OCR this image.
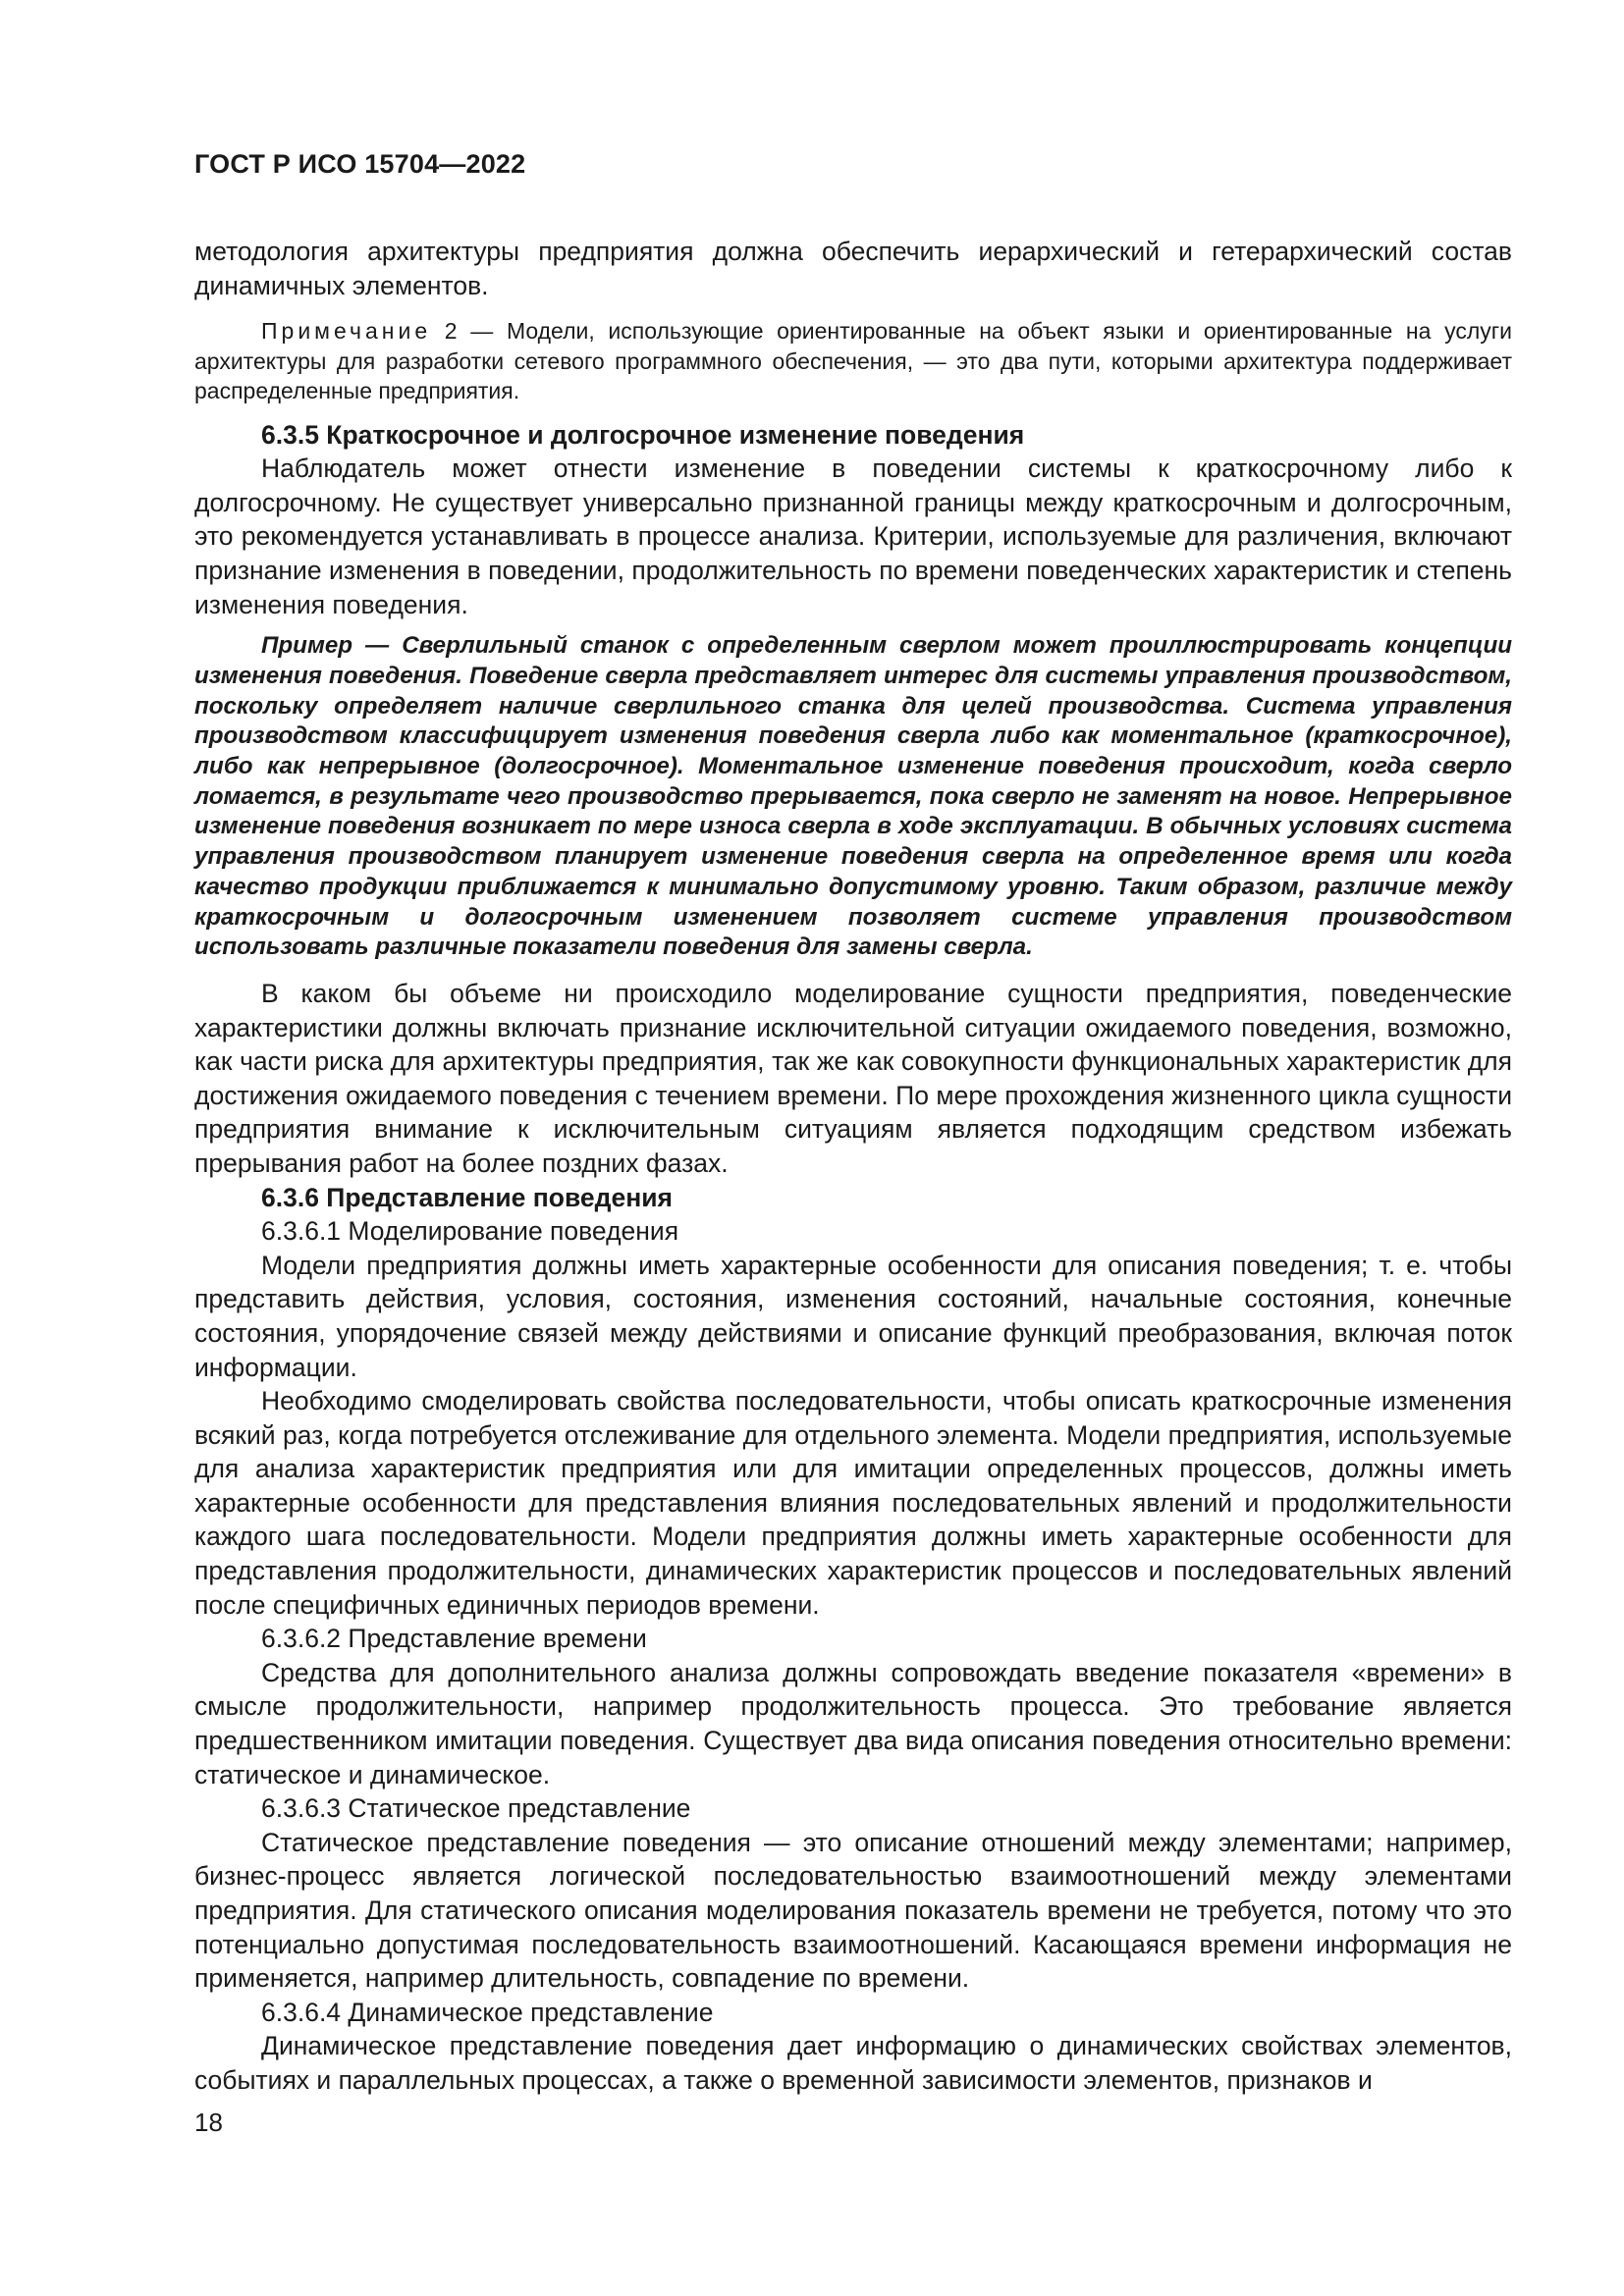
ГОСТ Р ИСО 15704—2022

методология архитектуры предприятия должна обеспечить иерархический и гетерархический состав динамичных элементов.

Примечание 2 — Модели, использующие ориентированные на объект языки и ориентированные на услуги архитектуры для разработки сетевого программного обеспечения, — это два пути, которыми архитектура поддерживает распределенные предприятия.

6.3.5 Краткосрочное и долгосрочное изменение поведения

Наблюдатель может отнести изменение в поведении системы к краткосрочному либо к долгосрочному. Не существует универсально признанной границы между краткосрочным и долгосрочным, это рекомендуется устанавливать в процессе анализа. Критерии, используемые для различения, включают признание изменения в поведении, продолжительность по времени поведенческих характеристик и степень изменения поведения.

Пример — Сверлильный станок с определенным сверлом может проиллюстрировать концепции изменения поведения. Поведение сверла представляет интерес для системы управления производством, поскольку определяет наличие сверлильного станка для целей производства. Система управления производством классифицирует изменения поведения сверла либо как моментальное (краткосрочное), либо как непрерывное (долгосрочное). Моментальное изменение поведения происходит, когда сверло ломается, в результате чего производство прерывается, пока сверло не заменят на новое. Непрерывное изменение поведения возникает по мере износа сверла в ходе эксплуатации. В обычных условиях система управления производством планирует изменение поведения сверла на определенное время или когда качество продукции приближается к минимально допустимому уровню. Таким образом, различие между краткосрочным и долгосрочным изменением позволяет системе управления производством использовать различные показатели поведения для замены сверла.

В каком бы объеме ни происходило моделирование сущности предприятия, поведенческие характеристики должны включать признание исключительной ситуации ожидаемого поведения, возможно, как части риска для архитектуры предприятия, так же как совокупности функциональных характеристик для достижения ожидаемого поведения с течением времени. По мере прохождения жизненного цикла сущности предприятия внимание к исключительным ситуациям является подходящим средством избежать прерывания работ на более поздних фазах.

6.3.6 Представление поведения
6.3.6.1 Моделирование поведения

Модели предприятия должны иметь характерные особенности для описания поведения; т. е. чтобы представить действия, условия, состояния, изменения состояний, начальные состояния, конечные состояния, упорядочение связей между действиями и описание функций преобразования, включая поток информации.

Необходимо смоделировать свойства последовательности, чтобы описать краткосрочные изменения всякий раз, когда потребуется отслеживание для отдельного элемента. Модели предприятия, используемые для анализа характеристик предприятия или для имитации определенных процессов, должны иметь характерные особенности для представления влияния последовательных явлений и продолжительности каждого шага последовательности. Модели предприятия должны иметь характерные особенности для представления продолжительности, динамических характеристик процессов и последовательных явлений после специфичных единичных периодов времени.

6.3.6.2 Представление времени

Средства для дополнительного анализа должны сопровождать введение показателя «времени» в смысле продолжительности, например продолжительность процесса. Это требование является предшественником имитации поведения. Существует два вида описания поведения относительно времени: статическое и динамическое.

6.3.6.3 Статическое представление

Статическое представление поведения — это описание отношений между элементами; например, бизнес-процесс является логической последовательностью взаимоотношений между элементами предприятия. Для статического описания моделирования показатель времени не требуется, потому что это потенциально допустимая последовательность взаимоотношений. Касающаяся времени информация не применяется, например длительность, совпадение по времени.

6.3.6.4 Динамическое представление

Динамическое представление поведения дает информацию о динамических свойствах элементов, событиях и параллельных процессах, а также о временной зависимости элементов, признаков и

18
